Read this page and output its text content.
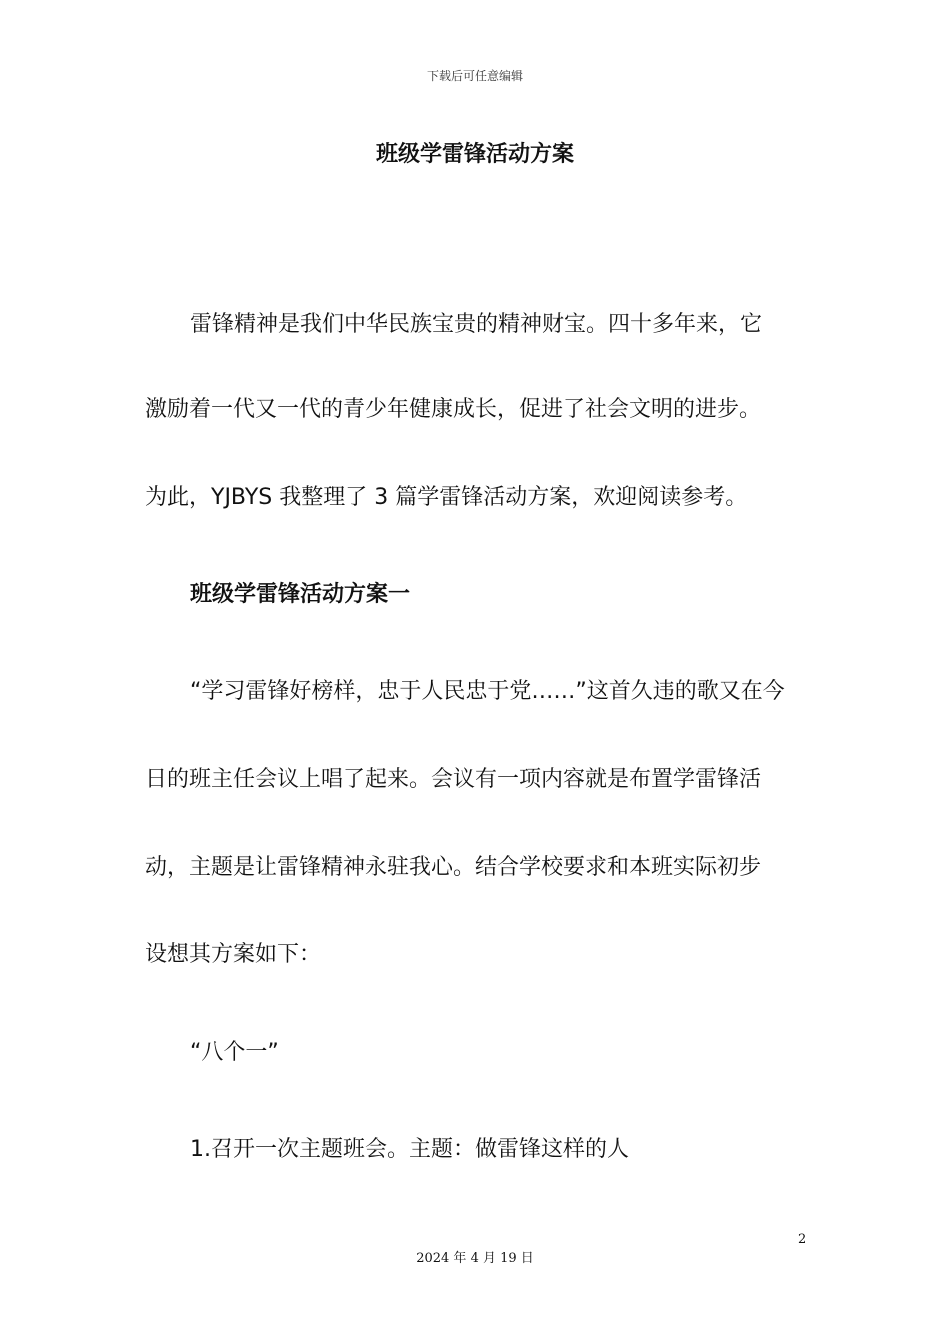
下载后可任意编辑
班级学雷锋活动方案

雷锋精神是我们中华民族宝贵的精神财宝。四十多年来，它

激励着一代又一代的青少年健康成长，促进了社会文明的进步。

为此，YJBYS 我整理了 3 篇学雷锋活动方案，欢迎阅读参考。

班级学雷锋活动方案一

“学习雷锋好榜样，忠于人民忠于党……”这首久违的歌又在今

日的班主任会议上唱了起来。会议有一项内容就是布置学雷锋活

动，主题是让雷锋精神永驻我心。结合学校要求和本班实际初步

设想其方案如下：

“八个一”

1.召开一次主题班会。主题：做雷锋这样的人

2
2024 年 4 月 19 日
